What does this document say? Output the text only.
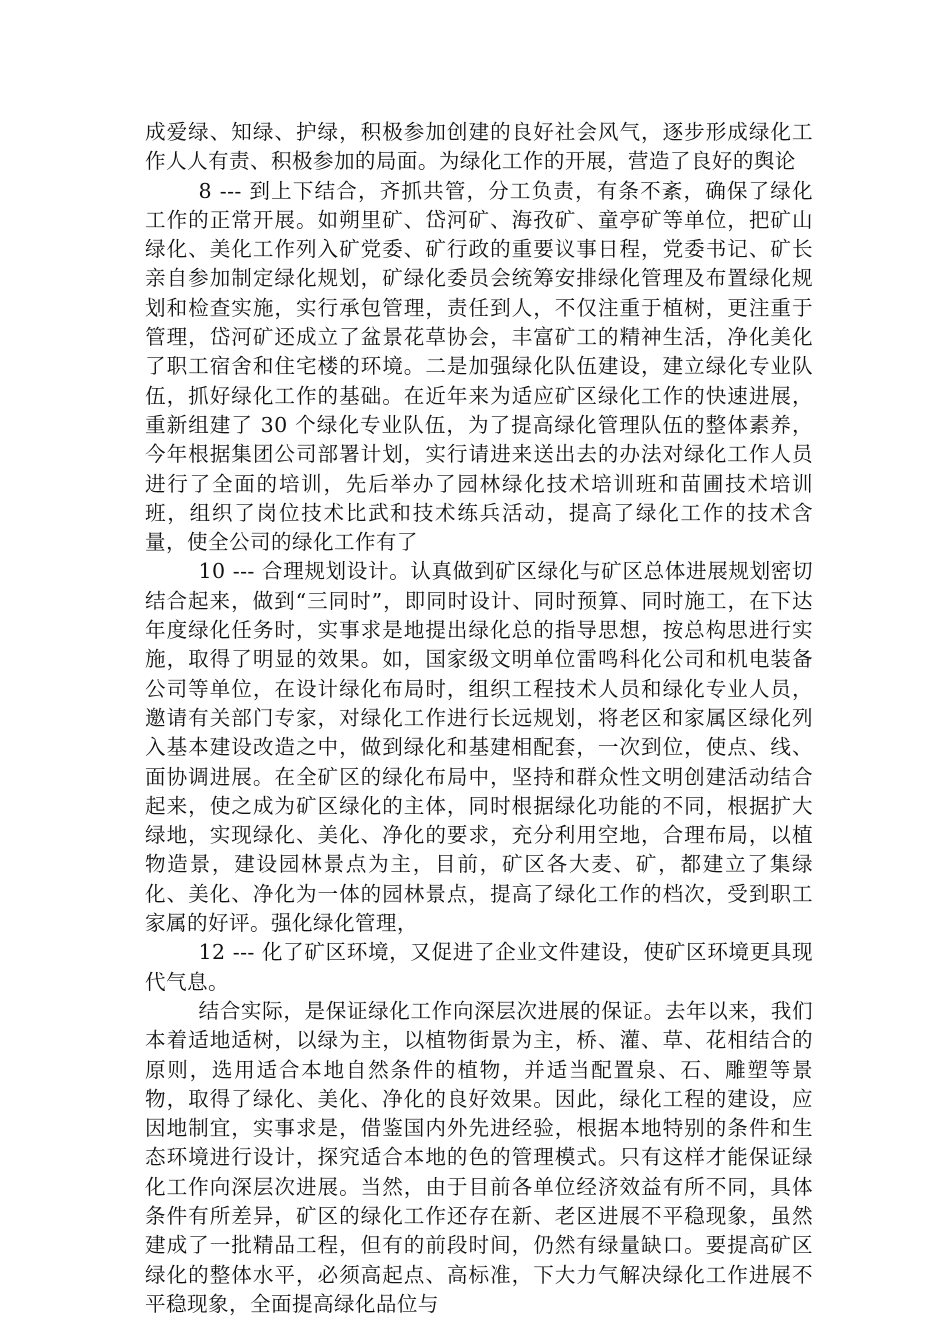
成爱绿、知绿、护绿，积极参加创建的良好社会风气，逐步形成绿化工作人人有责、积极参加的局面。为绿化工作的开展，营造了良好的舆论

8 --- 到上下结合，齐抓共管，分工负责，有条不紊，确保了绿化工作的正常开展。如朔里矿、岱河矿、海孜矿、童亭矿等单位，把矿山绿化、美化工作列入矿党委、矿行政的重要议事日程，党委书记、矿长亲自参加制定绿化规划，矿绿化委员会统筹安排绿化管理及布置绿化规划和检查实施，实行承包管理，责任到人，不仅注重于植树，更注重于管理，岱河矿还成立了盆景花草协会，丰富矿工的精神生活，净化美化了职工宿舍和住宅楼的环境。二是加强绿化队伍建设，建立绿化专业队伍，抓好绿化工作的基础。在近年来为适应矿区绿化工作的快速进展，重新组建了 30 个绿化专业队伍，为了提高绿化管理队伍的整体素养，今年根据集团公司部署计划，实行请进来送出去的办法对绿化工作人员进行了全面的培训，先后举办了园林绿化技术培训班和苗圃技术培训班，组织了岗位技术比武和技术练兵活动，提高了绿化工作的技术含量，使全公司的绿化工作有了

10 --- 合理规划设计。认真做到矿区绿化与矿区总体进展规划密切结合起来，做到“三同时”，即同时设计、同时预算、同时施工，在下达年度绿化任务时，实事求是地提出绿化总的指导思想，按总构思进行实施，取得了明显的效果。如，国家级文明单位雷鸣科化公司和机电装备公司等单位，在设计绿化布局时，组织工程技术人员和绿化专业人员，邀请有关部门专家，对绿化工作进行长远规划，将老区和家属区绿化列入基本建设改造之中，做到绿化和基建相配套，一次到位，使点、线、面协调进展。在全矿区的绿化布局中，坚持和群众性文明创建活动结合起来，使之成为矿区绿化的主体，同时根据绿化功能的不同，根据扩大绿地，实现绿化、美化、净化的要求，充分利用空地，合理布局，以植物造景，建设园林景点为主，目前，矿区各大麦、矿，都建立了集绿化、美化、净化为一体的园林景点，提高了绿化工作的档次，受到职工家属的好评。强化绿化管理，

12 --- 化了矿区环境，又促进了企业文件建设，使矿区环境更具现代气息。

结合实际，是保证绿化工作向深层次进展的保证。去年以来，我们本着适地适树，以绿为主，以植物街景为主，桥、灌、草、花相结合的原则，选用适合本地自然条件的植物，并适当配置泉、石、雕塑等景物，取得了绿化、美化、净化的良好效果。因此，绿化工程的建设，应因地制宜，实事求是，借鉴国内外先进经验，根据本地特别的条件和生态环境进行设计，探究适合本地的色的管理模式。只有这样才能保证绿化工作向深层次进展。当然，由于目前各单位经济效益有所不同，具体条件有所差异，矿区的绿化工作还存在新、老区进展不平稳现象，虽然建成了一批精品工程，但有的前段时间，仍然有绿量缺口。要提高矿区绿化的整体水平，必须高起点、高标准，下大力气解决绿化工作进展不平稳现象，全面提高绿化品位与
